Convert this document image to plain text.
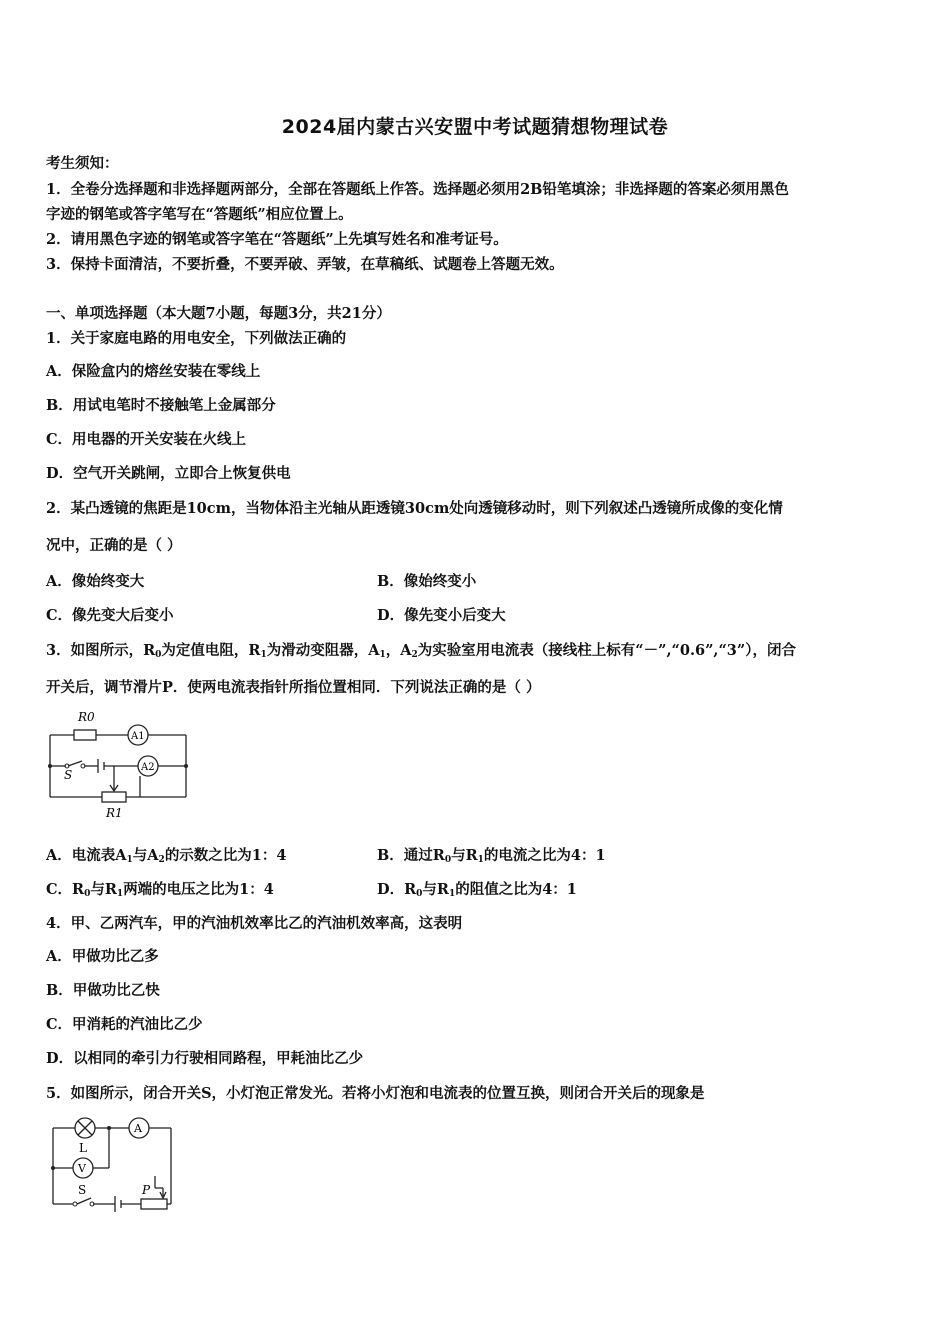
2024届内蒙古兴安盟中考试题猜想物理试卷
考生须知：
1．全卷分选择题和非选择题两部分，全部在答题纸上作答。选择题必须用2B铅笔填涂；非选择题的答案必须用黑色
字迹的钢笔或答字笔写在“答题纸”相应位置上。
2．请用黑色字迹的钢笔或答字笔在“答题纸”上先填写姓名和准考证号。
3．保持卡面清洁，不要折叠，不要弄破、弄皱，在草稿纸、试题卷上答题无效。
一、单项选择题（本大题7小题，每题3分，共21分）
1．关于家庭电路的用电安全，下列做法正确的
A．保险盒内的熔丝安装在零线上
B．用试电笔时不接触笔上金属部分
C．用电器的开关安装在火线上
D．空气开关跳闸，立即合上恢复供电
2．某凸透镜的焦距是10cm，当物体沿主光轴从距透镜30cm处向透镜移动时，则下列叙述凸透镜所成像的变化情
况中，正确的是（ ）
A．像始终变大	B．像始终变小
C．像先变大后变小	D．像先变小后变大
3．如图所示，$R_0$为定值电阻，$R_1$为滑动变阻器，$A_1$，$A_2$为实验室用电流表（接线柱上标有“－”,“0.6”,“3”），闭合
开关后，调节滑片P．使两电流表指针所指位置相同．下列说法正确的是（ ）
R0
A1
A2
S
R1
A．电流表$A_1$与$A_2$的示数之比为1：4	B．通过$R_0$与$R_1$的电流之比为4：1
C．$R_0$与$R_1$两端的电压之比为1：4	D．$R_0$与$R_1$的阻值之比为4：1
4．甲、乙两汽车，甲的汽油机效率比乙的汽油机效率高，这表明
A．甲做功比乙多
B．甲做功比乙快
C．甲消耗的汽油比乙少
D．以相同的牵引力行驶相同路程，甲耗油比乙少
5．如图所示，闭合开关S，小灯泡正常发光。若将小灯泡和电流表的位置互换，则闭合开关后的现象是
L
V
A
S	P
